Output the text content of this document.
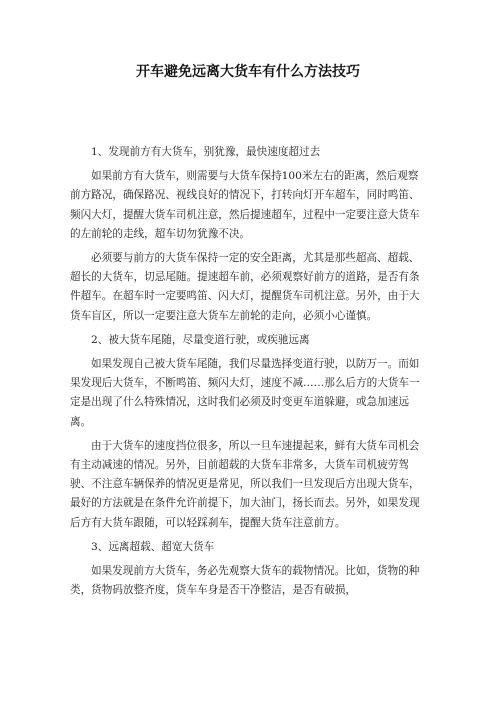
开车避免远离大货车有什么方法技巧

1、发现前方有大货车，别犹豫，最快速度超过去

如果前方有大货车，则需要与大货车保持100米左右的距离，然后观察前方路况，确保路况、视线良好的情况下，打转向灯开车超车，同时鸣笛、频闪大灯，提醒大货车司机注意，然后提速超车，过程中一定要注意大货车的左前轮的走线，超车切勿犹豫不决。

必须要与前方的大货车保持一定的安全距离，尤其是那些超高、超载、超长的大货车，切忌尾随。提速超车前，必须观察好前方的道路，是否有条件超车。在超车时一定要鸣笛、闪大灯，提醒货车司机注意。另外，由于大货车盲区，所以一定要注意大货车左前轮的走向，必须小心谨慎。

2、被大货车尾随，尽量变道行驶，或疾驰远离

如果发现自己被大货车尾随，我们尽量选择变道行驶，以防万一。而如果发现后大货车，不断鸣笛、频闪大灯，速度不减……那么后方的大货车一定是出现了什么特殊情况，这时我们必须及时变更车道躲避，或急加速远离。

由于大货车的速度挡位很多，所以一旦车速提起来，鲜有大货车司机会有主动减速的情况。另外，目前超载的大货车非常多，大货车司机疲劳驾驶、不注意车辆保养的情况更是常见，所以我们一旦发现后方出现大货车，最好的方法就是在条件允许前提下，加大油门，扬长而去。另外，如果发现后方有大货车跟随，可以轻踩刹车，提醒大货车注意前方。

3、远离超载、超宽大货车

如果发现前方大货车，务必先观察大货车的载物情况。比如，货物的种类，货物码放整齐度，货车车身是否干净整洁，是否有破损，
